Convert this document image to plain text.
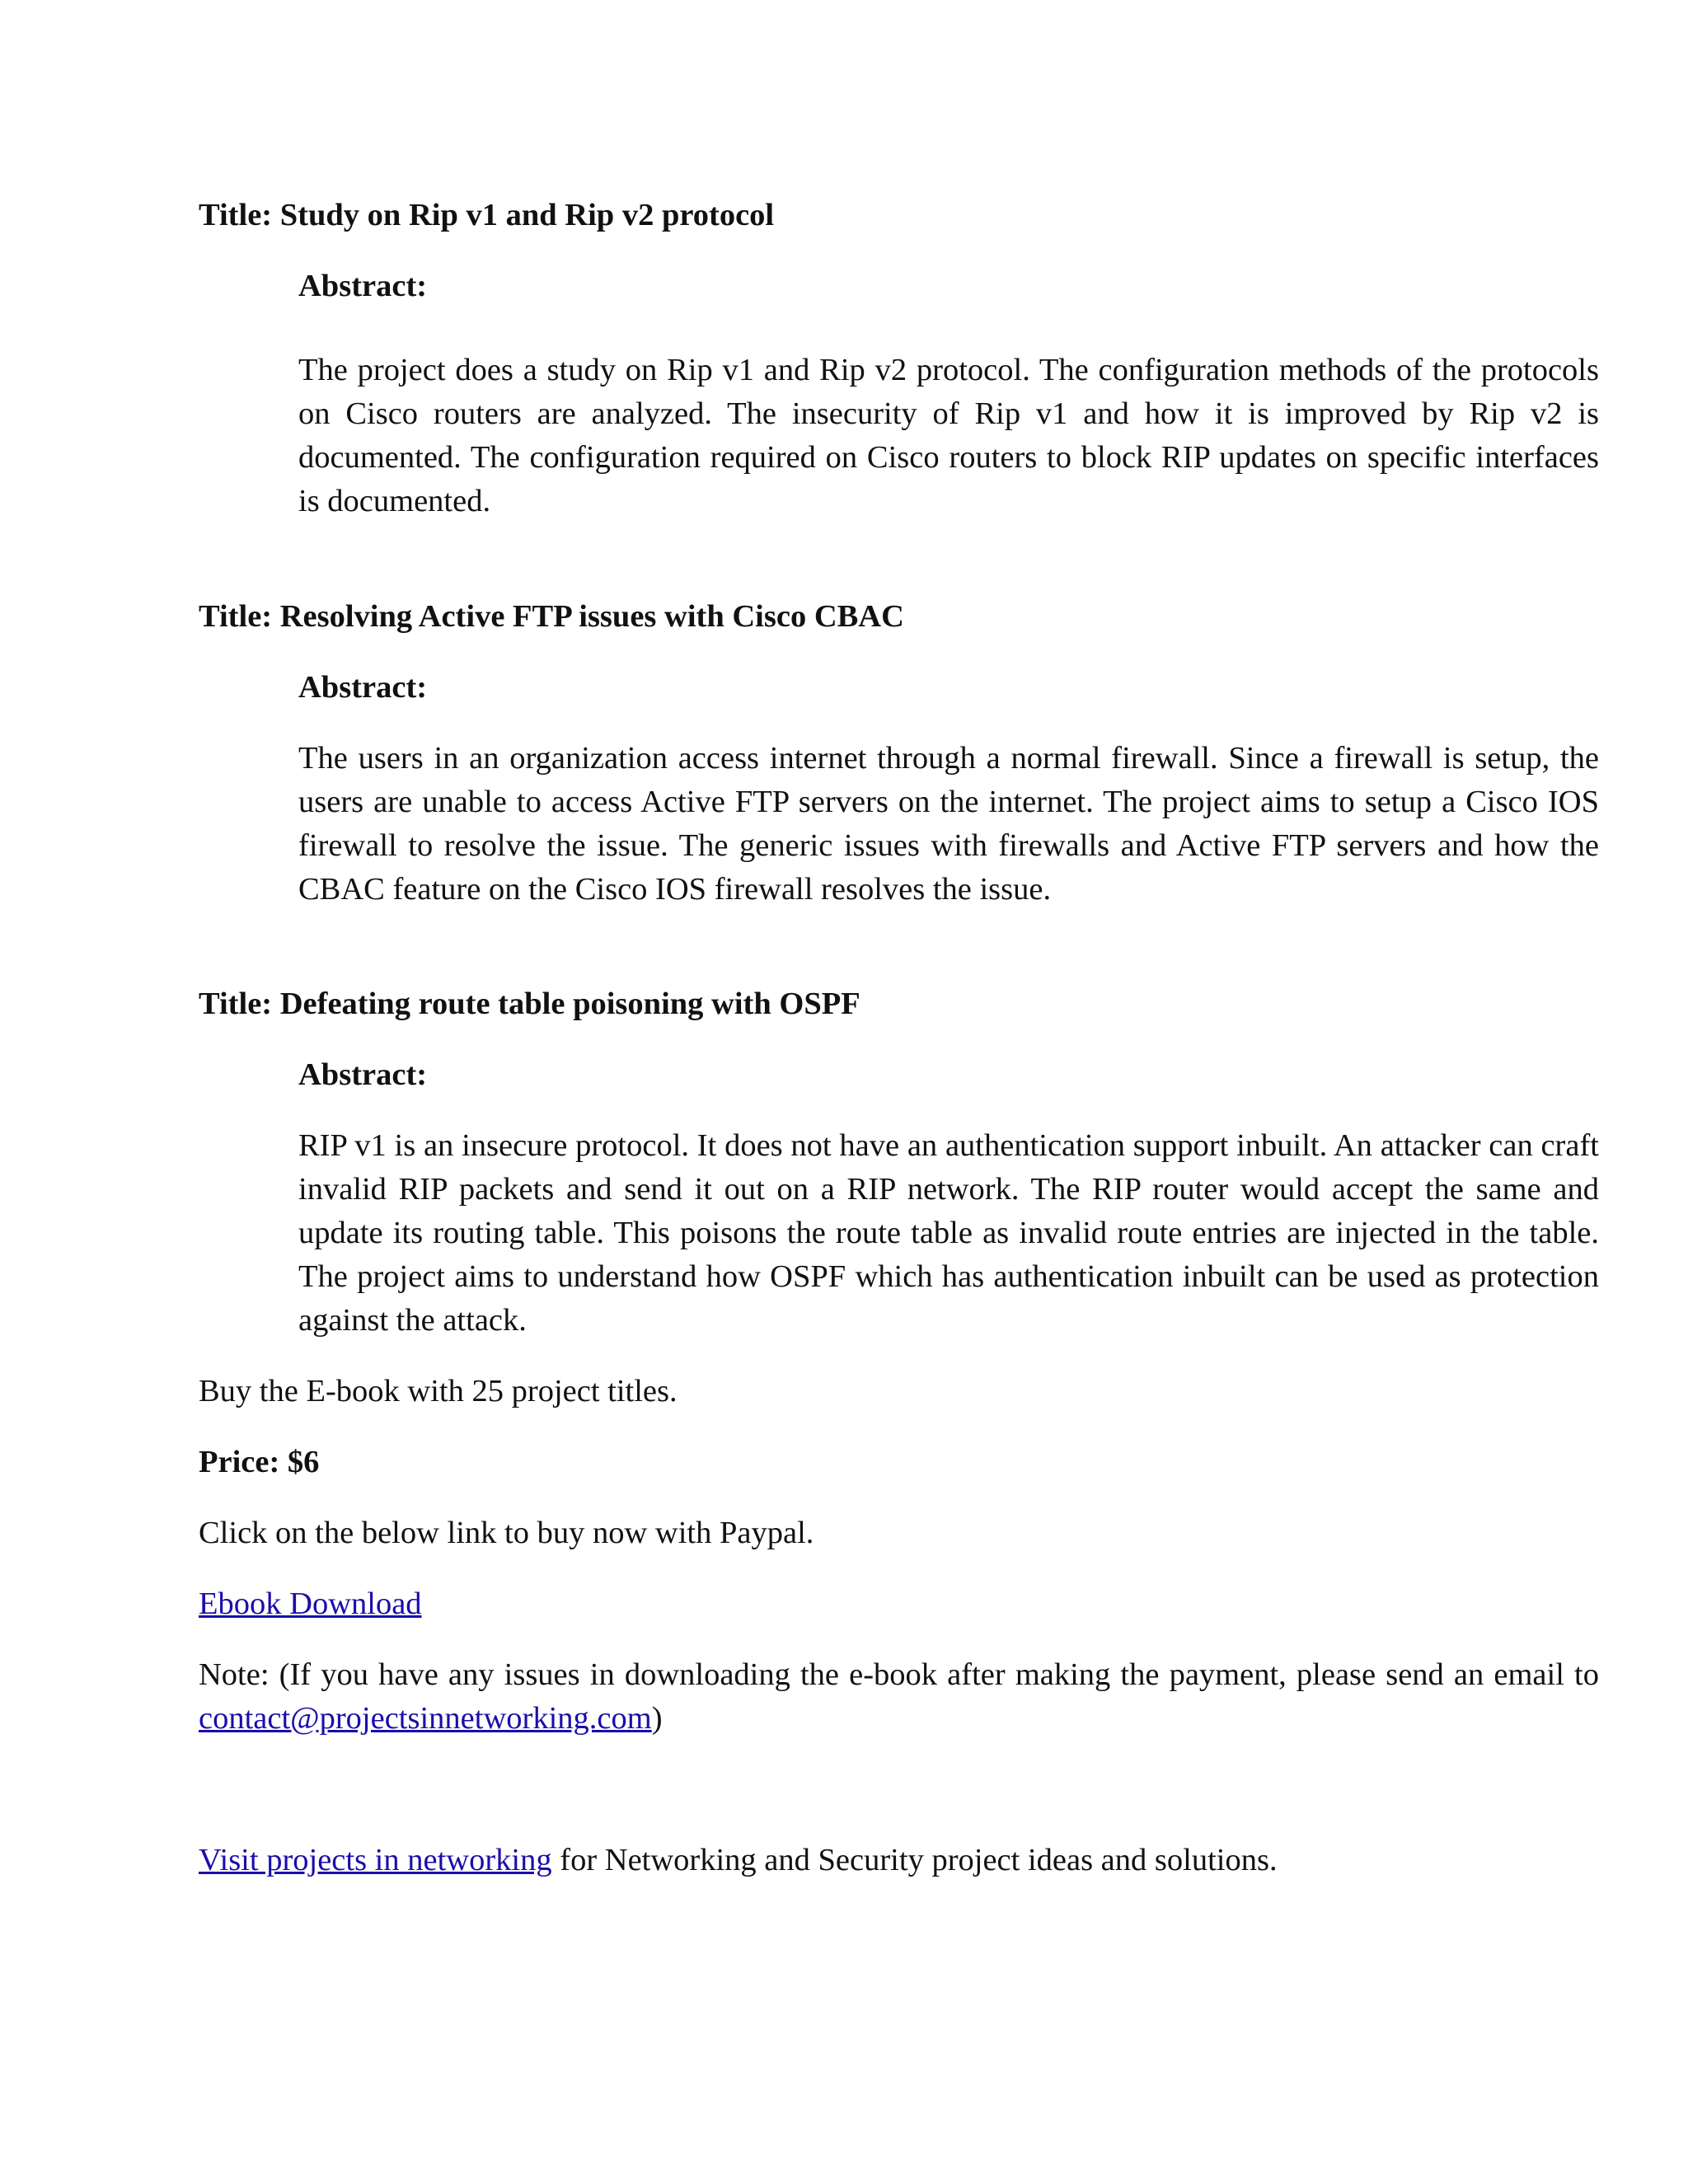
Title: Study on Rip v1 and Rip v2 protocol

Abstract:

The project does a study on Rip v1 and Rip v2 protocol. The configuration methods of the protocols on Cisco routers are analyzed. The insecurity of Rip v1 and how it is improved by Rip v2 is documented. The configuration required on Cisco routers to block RIP updates on specific interfaces is documented.

Title: Resolving Active FTP issues with Cisco CBAC

Abstract:

The users in an organization access internet through a normal firewall. Since a firewall is setup, the users are unable to access Active FTP servers on the internet. The project aims to setup a Cisco IOS firewall to resolve the issue. The generic issues with firewalls and Active FTP servers and how the CBAC feature on the Cisco IOS firewall resolves the issue.

Title: Defeating route table poisoning with OSPF

Abstract:

RIP v1 is an insecure protocol. It does not have an authentication support inbuilt. An attacker can craft invalid RIP packets and send it out on a RIP network. The RIP router would accept the same and update its routing table. This poisons the route table as invalid route entries are injected in the table. The project aims to understand how OSPF which has authentication inbuilt can be used as protection against the attack.

Buy the E-book with 25 project titles.

Price: $6

Click on the below link to buy now with Paypal.

Ebook Download

Note: (If you have any issues in downloading the e-book after making the payment, please send an email to contact@projectsinnetworking.com)

Visit projects in networking for Networking and Security project ideas and solutions.
